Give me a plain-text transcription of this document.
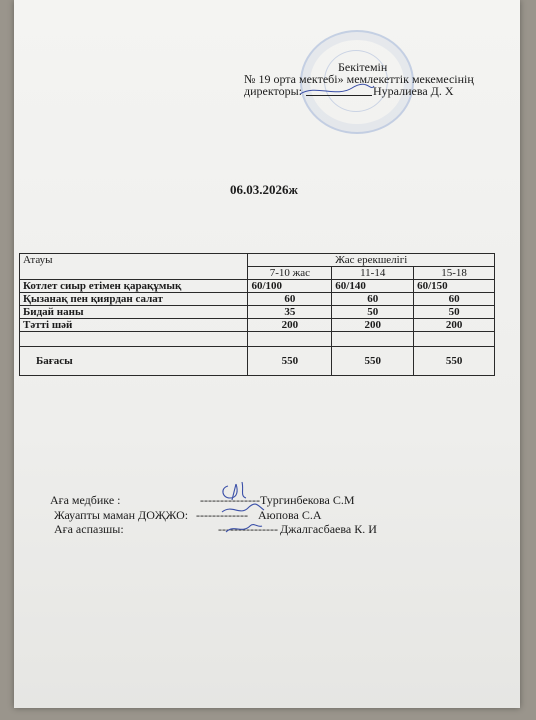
Бекітемін
№ 19 орта мектебі» мемлекеттік мекемесінің
директоры:	Нуралиева Д. Х
06.03.2026ж
Атауы	Жас ерекшелігі		
	7-10 жас	11-14	15-18
Котлет сиыр етімен қарақұмық	60/100	60/140	60/150
Қызанақ пен қиярдан салат	60	60	60
Бидай наны	35	50	50
Тәтті шәй	200	200	200

Бағасы	550	550	550
Аға медбике :	--------------- Тургинбекова С.М
Жауапты маман ДОҖЖО: ------------- Аюпова С.А
Аға аспазшы:	--------------- Джалгасбаева К. И
